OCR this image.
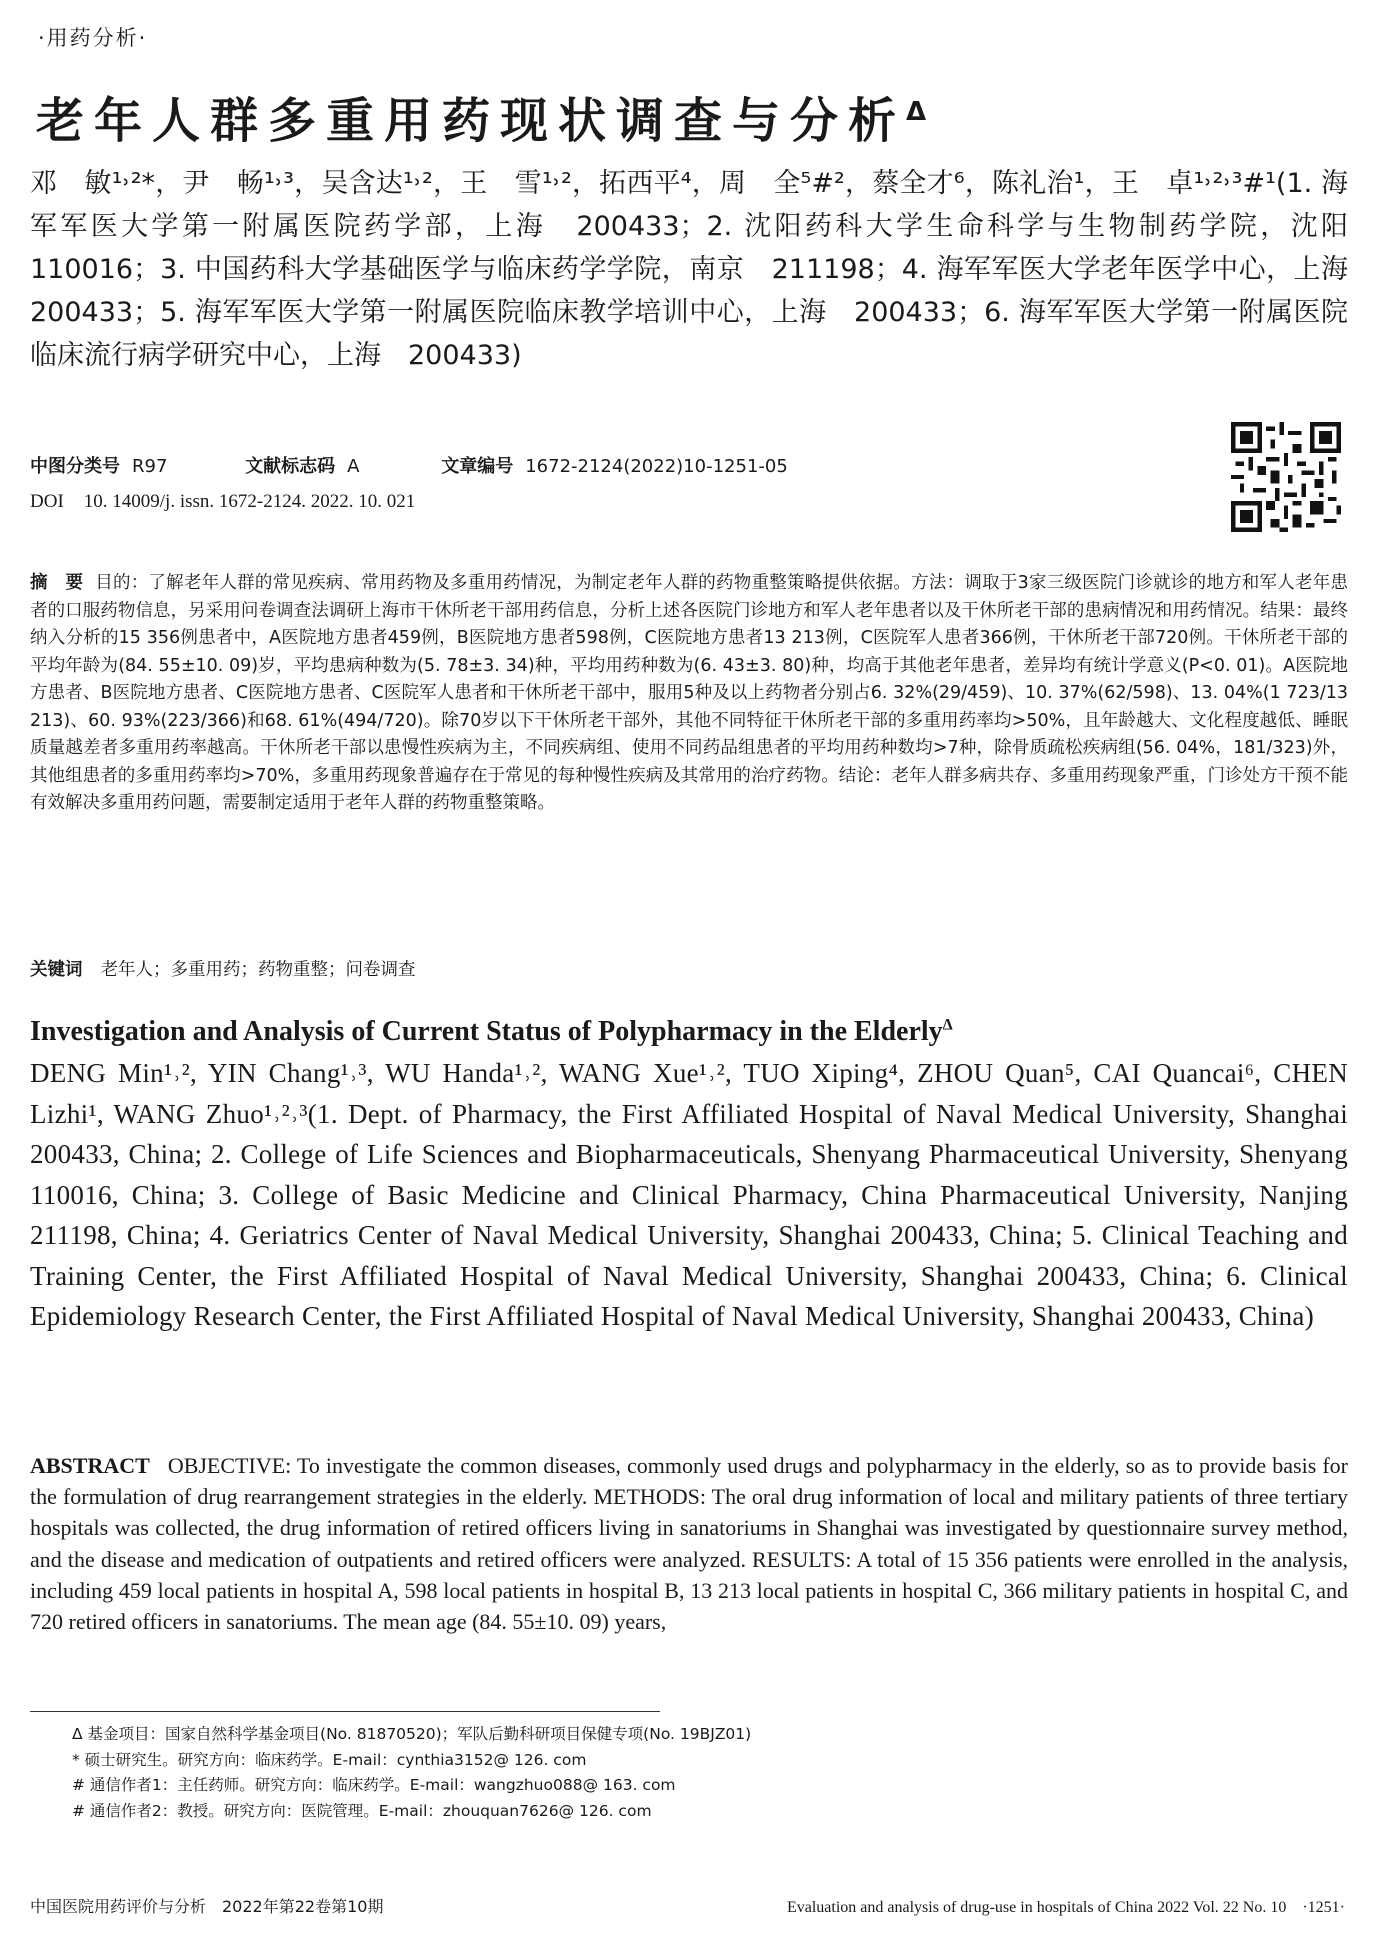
·用药分析·
老年人群多重用药现状调查与分析$^\Delta$

邓　敏¹˒²*，尹　畅¹˒³，吴含达¹˒²，王　雪¹˒²，拓西平⁴，周　全⁵#²，蔡全才⁶，陈礼治¹，王　卓¹˒²˒³#¹(1. 海军军医大学第一附属医院药学部，上海　200433；2. 沈阳药科大学生命科学与生物制药学院，沈阳　110016；3. 中国药科大学基础医学与临床药学学院，南京　211198；4. 海军军医大学老年医学中心，上海　200433；5. 海军军医大学第一附属医院临床教学培训中心，上海　200433；6. 海军军医大学第一附属医院临床流行病学研究中心，上海　200433)

中图分类号 R97	文献标志码 A	文章编号 1672-2124(2022)10-1251-05
DOI 10. 14009/j. issn. 1672-2124. 2022. 10. 021
摘　要 目的：了解老年人群的常见疾病、常用药物及多重用药情况，为制定老年人群的药物重整策略提供依据。方法：调取于3家三级医院门诊就诊的地方和军人老年患者的口服药物信息，另采用问卷调查法调研上海市干休所老干部用药信息，分析上述各医院门诊地方和军人老年患者以及干休所老干部的患病情况和用药情况。结果：最终纳入分析的15 356例患者中，A医院地方患者459例，B医院地方患者598例，C医院地方患者13 213例，C医院军人患者366例，干休所老干部720例。干休所老干部的平均年龄为(84. 55±10. 09)岁，平均患病种数为(5. 78±3. 34)种，平均用药种数为(6. 43±3. 80)种，均高于其他老年患者，差异均有统计学意义(P<0. 01)。A医院地方患者、B医院地方患者、C医院地方患者、C医院军人患者和干休所老干部中，服用5种及以上药物者分别占6. 32%(29/459)、10. 37%(62/598)、13. 04%(1 723/13 213)、60. 93%(223/366)和68. 61%(494/720)。除70岁以下干休所老干部外，其他不同特征干休所老干部的多重用药率均>50%，且年龄越大、文化程度越低、睡眠质量越差者多重用药率越高。干休所老干部以患慢性疾病为主，不同疾病组、使用不同药品组患者的平均用药种数均>7种，除骨质疏松疾病组(56. 04%，181/323)外，其他组患者的多重用药率均>70%，多重用药现象普遍存在于常见的每种慢性疾病及其常用的治疗药物。结论：老年人群多病共存、多重用药现象严重，门诊处方干预不能有效解决多重用药问题，需要制定适用于老年人群的药物重整策略。
关键词 老年人；多重用药；药物重整；问卷调查
Investigation and Analysis of Current Status of Polypharmacy in the Elderly$^\Delta$
DENG Min¹˒², YIN Chang¹˒³, WU Handa¹˒², WANG Xue¹˒², TUO Xiping⁴, ZHOU Quan⁵, CAI Quancai⁶, CHEN Lizhi¹, WANG Zhuo¹˒²˒³(1. Dept. of Pharmacy, the First Affiliated Hospital of Naval Medical University, Shanghai 200433, China; 2. College of Life Sciences and Biopharmaceuticals, Shenyang Pharmaceutical University, Shenyang 110016, China; 3. College of Basic Medicine and Clinical Pharmacy, China Pharmaceutical University, Nanjing 211198, China; 4. Geriatrics Center of Naval Medical University, Shanghai 200433, China; 5. Clinical Teaching and Training Center, the First Affiliated Hospital of Naval Medical University, Shanghai 200433, China; 6. Clinical Epidemiology Research Center, the First Affiliated Hospital of Naval Medical University, Shanghai 200433, China)
ABSTRACT OBJECTIVE: To investigate the common diseases, commonly used drugs and polypharmacy in the elderly, so as to provide basis for the formulation of drug rearrangement strategies in the elderly. METHODS: The oral drug information of local and military patients of three tertiary hospitals was collected, the drug information of retired officers living in sanatoriums in Shanghai was investigated by questionnaire survey method, and the disease and medication of outpatients and retired officers were analyzed. RESULTS: A total of 15 356 patients were enrolled in the analysis, including 459 local patients in hospital A, 598 local patients in hospital B, 13 213 local patients in hospital C, 366 military patients in hospital C, and 720 retired officers in sanatoriums. The mean age (84. 55±10. 09) years,
Δ 基金项目：国家自然科学基金项目(No. 81870520)；军队后勤科研项目保健专项(No. 19BJZ01)
* 硕士研究生。研究方向：临床药学。E-mail：cynthia3152@ 126. com
# 通信作者1：主任药师。研究方向：临床药学。E-mail：wangzhuo088@ 163. com
# 通信作者2：教授。研究方向：医院管理。E-mail：zhouquan7626@ 126. com
中国医院用药评价与分析　2022年第22卷第10期	Evaluation and analysis of drug-use in hospitals of China 2022 Vol. 22 No. 10　·1251·
